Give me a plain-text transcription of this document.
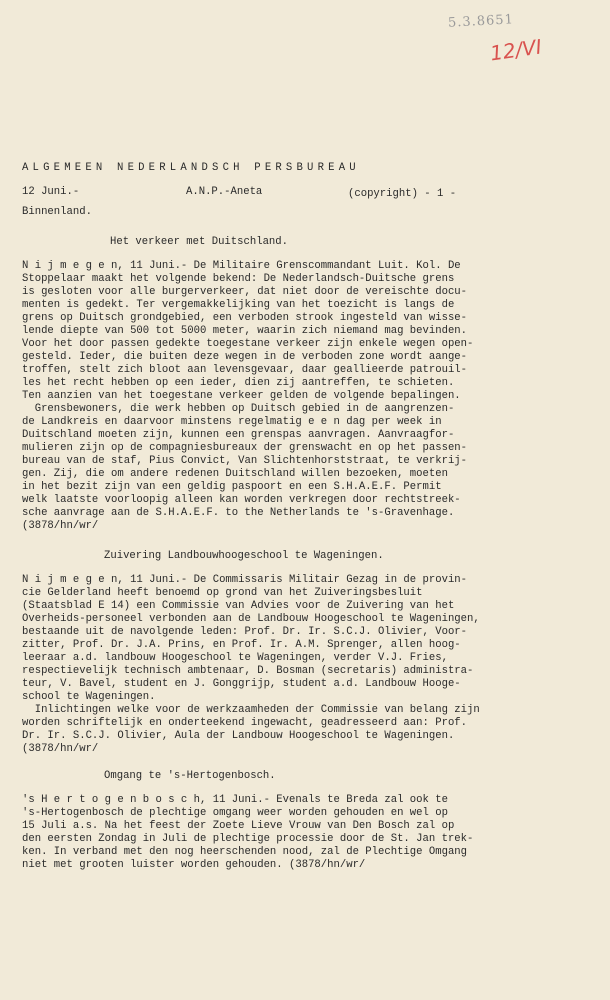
5.3.8651
12/VI
ALGEMEEN NEDERLANDSCH PERSBUREAU
12 Juni.-	A.N.P.-Aneta	(copyright) - 1 -
Binnenland.
Het verkeer met Duitschland.
N i j m e g e n, 11 Juni.- De Militaire Grenscommandant Luit. Kol. De
Stoppelaar maakt het volgende bekend: De Nederlandsch-Duitsche grens
is gesloten voor alle burgerverkeer, dat niet door de vereischte docu-
menten is gedekt. Ter vergemakkelijking van het toezicht is langs de
grens op Duitsch grondgebied, een verboden strook ingesteld van wisse-
lende diepte van 500 tot 5000 meter, waarin zich niemand mag bevinden.
Voor het door passen gedekte toegestane verkeer zijn enkele wegen open-
gesteld. Ieder, die buiten deze wegen in de verboden zone wordt aange-
troffen, stelt zich bloot aan levensgevaar, daar geallieerde patrouil-
les het recht hebben op een ieder, dien zij aantreffen, te schieten.
Ten aanzien van het toegestane verkeer gelden de volgende bepalingen.
Grensbewoners, die werk hebben op Duitsch gebied in de aangrenzen-
de Landkreis en daarvoor minstens regelmatig e e n dag per week in
Duitschland moeten zijn, kunnen een grenspas aanvragen. Aanvraagfor-
mulieren zijn op de compagniesbureaux der grenswacht en op het passen-
bureau van de staf, Pius Convict, Van Slichtenhorststraat, te verkrij-
gen. Zij, die om andere redenen Duitschland willen bezoeken, moeten
in het bezit zijn van een geldig paspoort en een S.H.A.E.F. Permit
welk laatste voorloopig alleen kan worden verkregen door rechtstreek-
sche aanvrage aan de S.H.A.E.F. to the Netherlands te 's-Gravenhage.
(3878/hn/wr/
Zuivering Landbouwhoogeschool te Wageningen.
N i j m e g e n, 11 Juni.- De Commissaris Militair Gezag in de provin-
cie Gelderland heeft benoemd op grond van het Zuiveringsbesluit
(Staatsblad E 14) een Commissie van Advies voor de Zuivering van het
Overheids-personeel verbonden aan de Landbouw Hoogeschool te Wageningen,
bestaande uit de navolgende leden: Prof. Dr. Ir. S.C.J. Olivier, Voor-
zitter, Prof. Dr. J.A. Prins, en Prof. Ir. A.M. Sprenger, allen hoog-
leeraar a.d. landbouw Hoogeschool te Wageningen, verder V.J. Fries,
respectievelijk technisch ambtenaar, D. Bosman (secretaris) administra-
teur, V. Bavel, student en J. Gonggrijp, student a.d. Landbouw Hooge-
school te Wageningen.
Inlichtingen welke voor de werkzaamheden der Commissie van belang zijn
worden schriftelijk en onderteekend ingewacht, geadresseerd aan: Prof.
Dr. Ir. S.C.J. Olivier, Aula der Landbouw Hoogeschool te Wageningen.
(3878/hn/wr/
Omgang te 's-Hertogenbosch.
's H e r t o g e n b o s c h, 11 Juni.- Evenals te Breda zal ook te
's-Hertogenbosch de plechtige omgang weer worden gehouden en wel op
15 Juli a.s. Na het feest der Zoete Lieve Vrouw van Den Bosch zal op
den eersten Zondag in Juli de plechtige processie door de St. Jan trek-
ken. In verband met den nog heerschenden nood, zal de Plechtige Omgang
niet met grooten luister worden gehouden. (3878/hn/wr/
